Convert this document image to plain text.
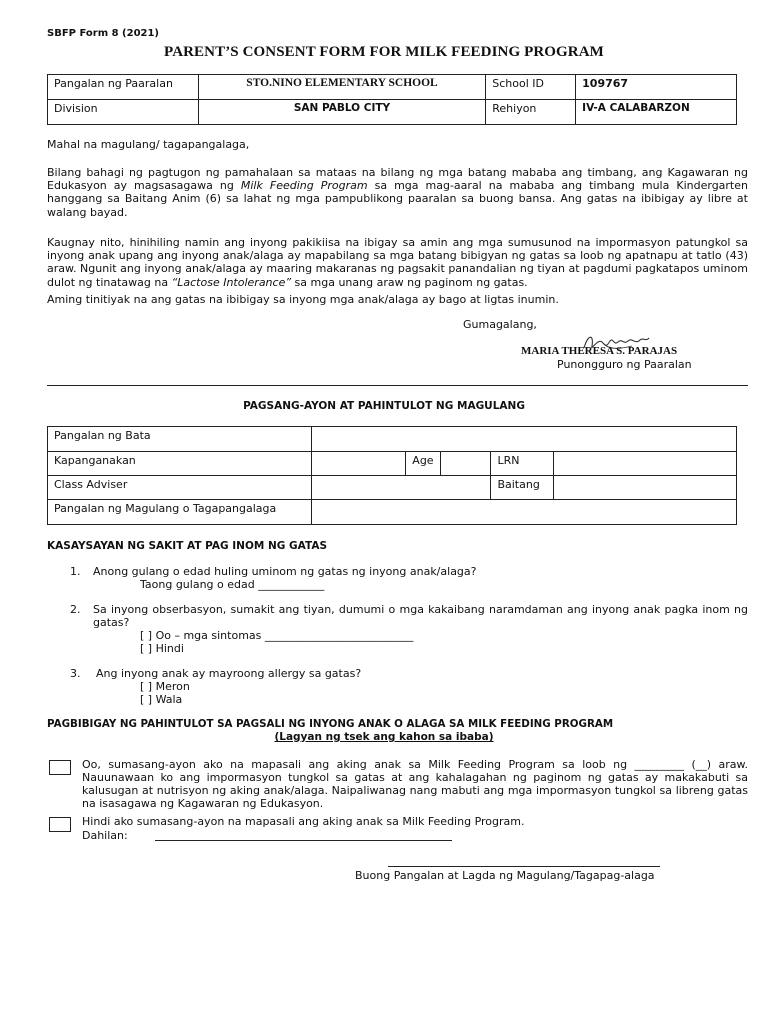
SBFP Form 8 (2021)
PARENT’S CONSENT FORM FOR MILK FEEDING PROGRAM
Pangalan ng Paaralan	STO.NINO ELEMENTARY SCHOOL	School ID	109767
Division	SAN PABLO CITY	Rehiyon	IV-A CALABARZON
Mahal na magulang/ tagapangalaga,
Bilang bahagi ng pagtugon ng pamahalaan sa mataas na bilang ng mga batang mababa ang timbang, ang Kagawaran ng Edukasyon ay magsasagawa ng Milk Feeding Program sa mga mag-aaral na mababa ang timbang mula Kindergarten hanggang sa Baitang Anim (6) sa lahat ng mga pampublikong paaralan sa buong bansa. Ang gatas na ibibigay ay libre at walang bayad.
Kaugnay nito, hinihiling namin ang inyong pakikiisa na ibigay sa amin ang mga sumusunod na impormasyon patungkol sa inyong anak upang ang inyong anak/alaga ay mapabilang sa mga batang bibigyan ng gatas sa loob ng apatnapu at tatlo (43) araw. Ngunit ang inyong anak/alaga ay maaring makaranas ng pagsakit panandalian ng tiyan at pagdumi pagkatapos uminom dulot ng tinatawag na “Lactose Intolerance” sa mga unang araw ng paginom ng gatas.
Aming tinitiyak na ang gatas na ibibigay sa inyong mga anak/alaga ay bago at ligtas inumin.
Gumagalang,
MARIA THERESA S. PARAJAS
Punongguro ng Paaralan
PAGSANG-AYON AT PAHINTULOT NG MAGULANG
Pangalan ng Bata					
Kapanganakan		Age		LRN	
Class Adviser				Baitang	
Pangalan ng Magulang o Tagapangalaga					
KASAYSAYAN NG SAKIT AT PAG INOM NG GATAS
1. Anong gulang o edad huling uminom ng gatas ng inyong anak/alaga?
Taong gulang o edad ____________
2. Sa inyong obserbasyon, sumakit ang tiyan, dumumi o mga kakaibang naramdaman ang inyong anak pagka inom ng gatas?
[ ] Oo – mga sintomas ___________________________
[ ] Hindi
3. Ang inyong anak ay mayroong allergy sa gatas?
[ ] Meron
[ ] Wala
PAGBIBIGAY NG PAHINTULOT SA PAGSALI NG INYONG ANAK O ALAGA SA MILK FEEDING PROGRAM
(Lagyan ng tsek ang kahon sa ibaba)
Oo, sumasang-ayon ako na mapasali ang aking anak sa Milk Feeding Program sa loob ng _________ (__) araw. Nauunawaan ko ang impormasyon tungkol sa gatas at ang kahalagahan ng paginom ng gatas ay makakabuti sa kalusugan at nutrisyon ng aking anak/alaga. Naipaliwanag nang mabuti ang mga impormasyon tungkol sa libreng gatas na isasagawa ng Kagawaran ng Edukasyon.
Hindi ako sumasang-ayon na mapasali ang aking anak sa Milk Feeding Program.
Dahilan:
Buong Pangalan at Lagda ng Magulang/Tagapag-alaga
